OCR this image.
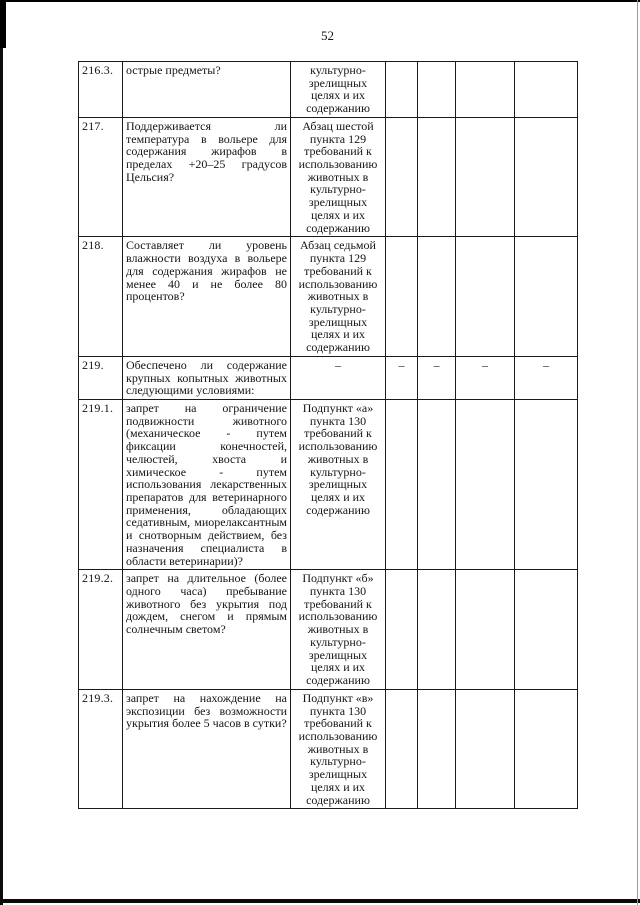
52
216.3.	острые предметы?	культурно-зрелищных целях и их содержанию				
217.	Поддерживается ли температура в вольере для содержания жирафов в пределах +20–25 градусов Цельсия?	Абзац шестой пункта 129 требований к использованию животных в культурно-зрелищных целях и их содержанию				
218.	Составляет ли уровень влажности воздуха в вольере для содержания жирафов не менее 40 и не более 80 процентов?	Абзац седьмой пункта 129 требований к использованию животных в культурно-зрелищных целях и их содержанию				
219.	Обеспечено ли содержание крупных копытных животных следующими условиями:	–	–	–	–	–
219.1.	запрет на ограничение подвижности животного (механическое - путем фиксации конечностей, челюстей, хвоста и химическое - путем использования лекарственных препаратов для ветеринарного применения, обладающих седативным, миорелаксантным и снотворным действием, без назначения специалиста в области ветеринарии)?	Подпункт «а» пункта 130 требований к использованию животных в культурно-зрелищных целях и их содержанию				
219.2.	запрет на длительное (более одного часа) пребывание животного без укрытия под дождем, снегом и прямым солнечным светом?	Подпункт «б» пункта 130 требований к использованию животных в культурно-зрелищных целях и их содержанию				
219.3.	запрет на нахождение на экспозиции без возможности укрытия более 5 часов в сутки?	Подпункт «в» пункта 130 требований к использованию животных в культурно-зрелищных целях и их содержанию				
